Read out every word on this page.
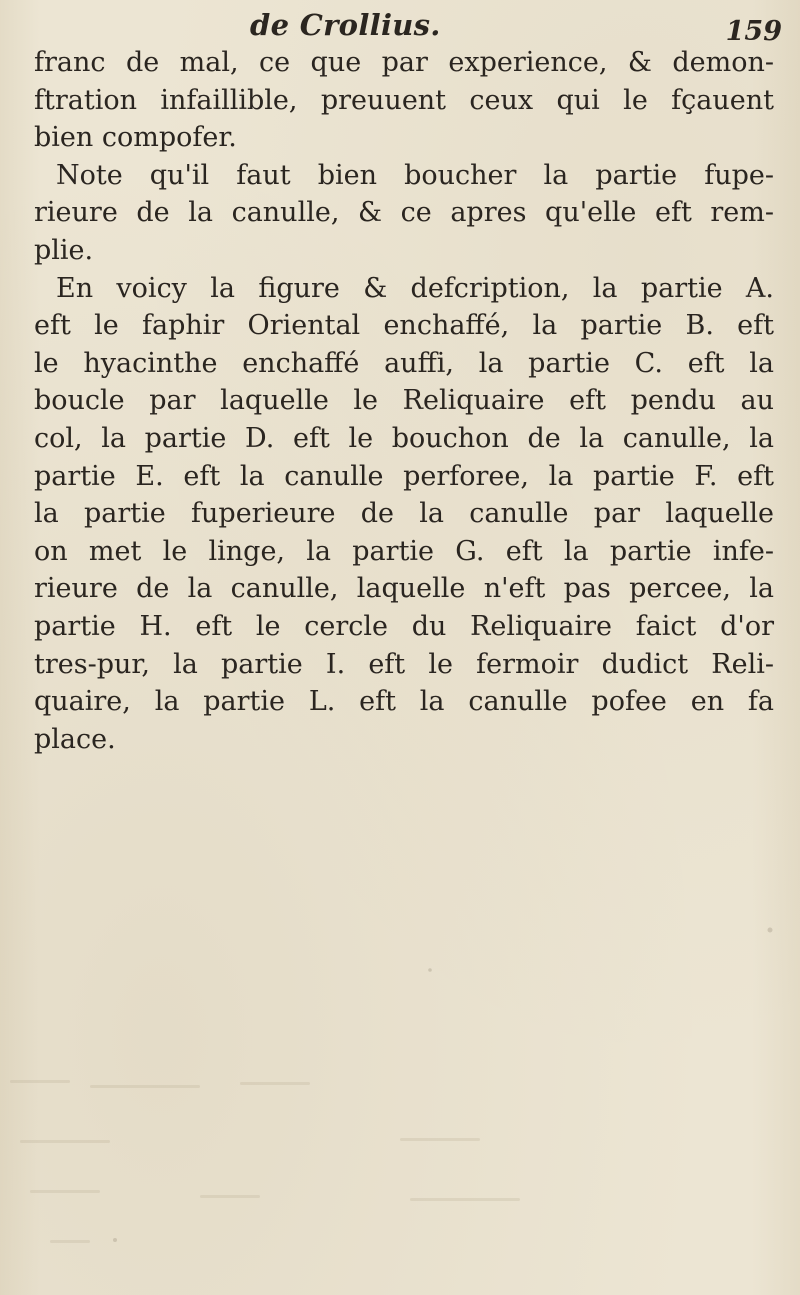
de Crollius.	159
franc de mal, ce que par experience, & demon-
ftration infaillible, preuuent ceux qui le fçauent
bien compofer.
Note qu'il faut bien boucher la partie fupe-
rieure de la canulle, & ce apres qu'elle eft rem-
plie.
En voicy la figure & defcription, la partie A.
eft le faphir Oriental enchaffé, la partie B. eft
le hyacinthe enchaffé auffi, la partie C. eft la
boucle par laquelle le Reliquaire eft pendu au
col, la partie D. eft le bouchon de la canulle, la
partie E. eft la canulle perforee, la partie F. eft
la partie fuperieure de la canulle par laquelle
on met le linge, la partie G. eft la partie infe-
rieure de la canulle, laquelle n'eft pas percee, la
partie H. eft le cercle du Reliquaire faict d'or
tres-pur, la partie I. eft le fermoir dudict Reli-
quaire, la partie L. eft la canulle pofee en fa
place.
